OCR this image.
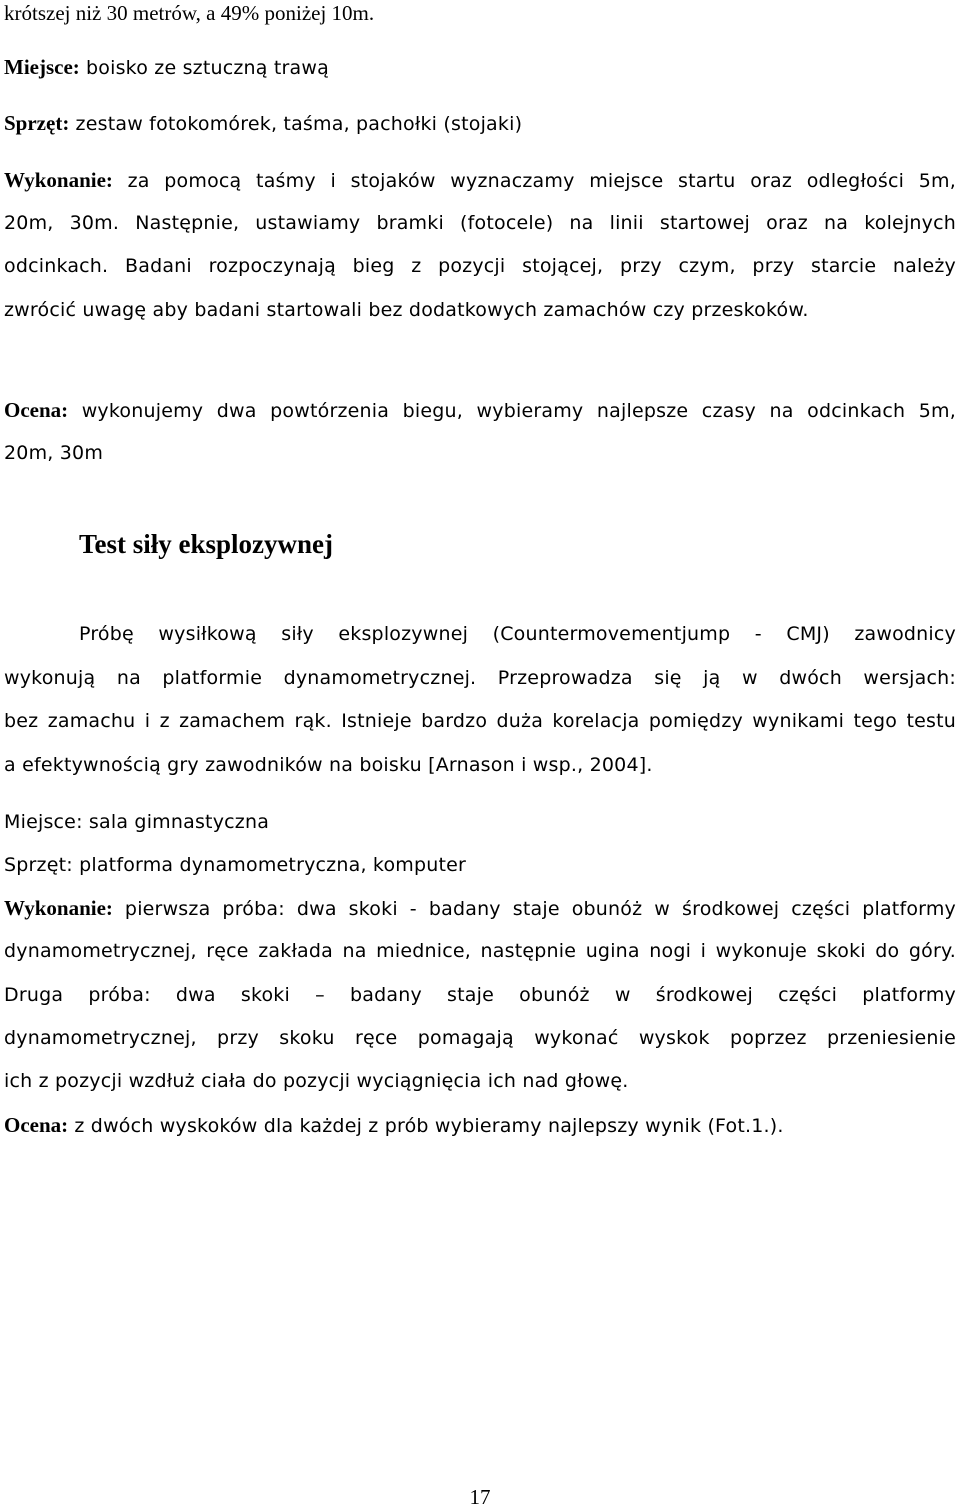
krótszej niż 30 metrów, a 49% poniżej 10m.
Miejsce: boisko ze sztuczną trawą
Sprzęt: zestaw fotokomórek, taśma, pachołki (stojaki)
Wykonanie: za pomocą taśmy i stojaków wyznaczamy miejsce startu oraz odległości 5m,
20m, 30m. Następnie, ustawiamy bramki (fotocele) na linii startowej oraz na kolejnych
odcinkach. Badani rozpoczynają bieg z pozycji stojącej, przy czym, przy starcie należy
zwrócić uwagę aby badani startowali bez dodatkowych zamachów czy przeskoków.
Ocena: wykonujemy dwa powtórzenia biegu, wybieramy najlepsze czasy na odcinkach 5m,
20m, 30m
Test siły eksplozywnej
Próbę wysiłkową siły eksplozywnej (Countermovementjump - CMJ) zawodnicy
wykonują na platformie dynamometrycznej. Przeprowadza się ją w dwóch wersjach:
bez zamachu i z zamachem rąk. Istnieje bardzo duża korelacja pomiędzy wynikami tego testu
a efektywnością gry zawodników na boisku [Arnason i wsp., 2004].
Miejsce: sala gimnastyczna
Sprzęt: platforma dynamometryczna, komputer
Wykonanie: pierwsza próba: dwa skoki - badany staje obunóż w środkowej części platformy
dynamometrycznej, ręce zakłada na miednice, następnie ugina nogi i wykonuje skoki do góry.
Druga próba: dwa skoki – badany staje obunóż w środkowej części platformy
dynamometrycznej, przy skoku ręce pomagają wykonać wyskok poprzez przeniesienie
ich z pozycji wzdłuż ciała do pozycji wyciągnięcia ich nad głowę.
Ocena: z dwóch wyskoków dla każdej z prób wybieramy najlepszy wynik (Fot.1.).
17
